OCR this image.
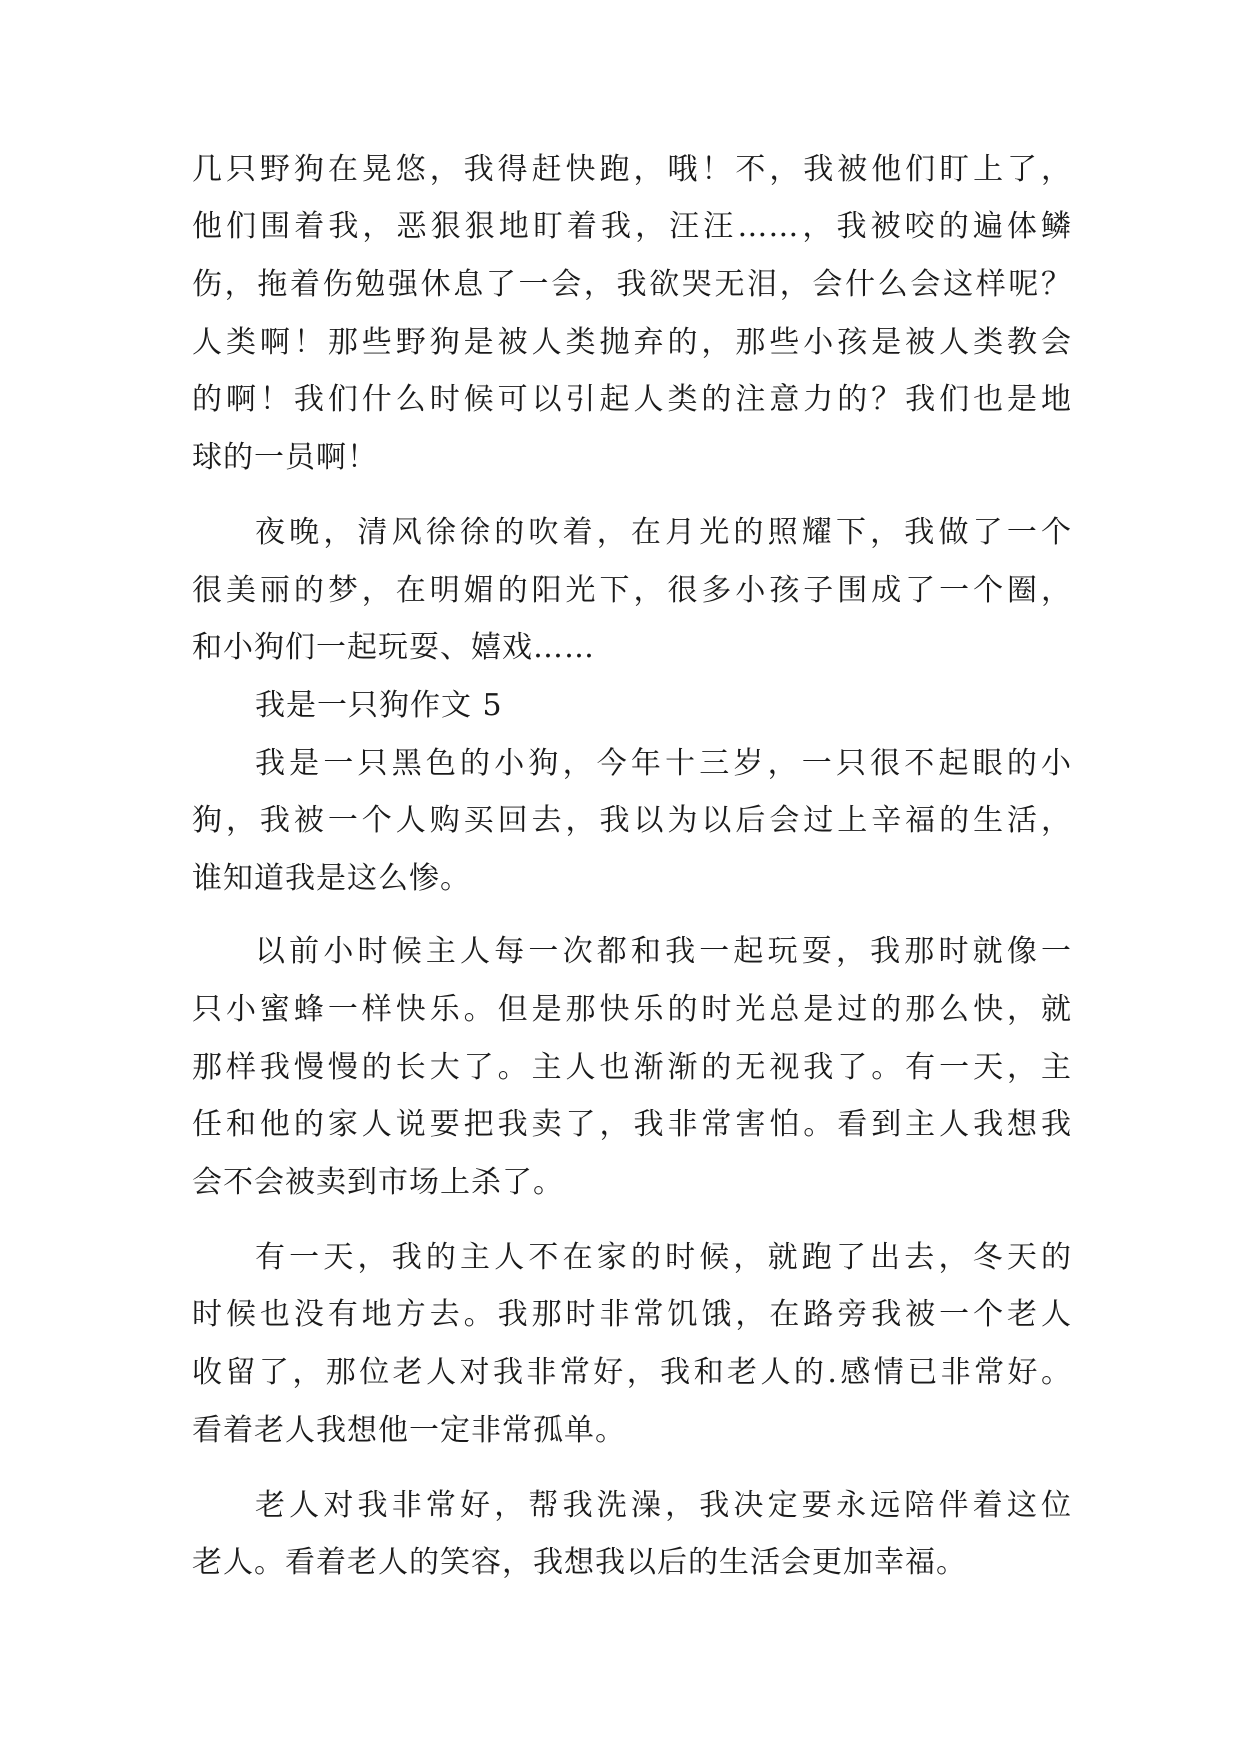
几只野狗在晃悠，我得赶快跑，哦！不，我被他们盯上了，
他们围着我，恶狠狠地盯着我，汪汪……，我被咬的遍体鳞
伤，拖着伤勉强休息了一会，我欲哭无泪，会什么会这样呢？
人类啊！那些野狗是被人类抛弃的，那些小孩是被人类教会
的啊！我们什么时候可以引起人类的注意力的？我们也是地
球的一员啊！
夜晚，清风徐徐的吹着，在月光的照耀下，我做了一个
很美丽的梦，在明媚的阳光下，很多小孩子围成了一个圈，
和小狗们一起玩耍、嬉戏……
我是一只狗作文 5
我是一只黑色的小狗，今年十三岁，一只很不起眼的小
狗，我被一个人购买回去，我以为以后会过上辛福的生活，
谁知道我是这么惨。
以前小时候主人每一次都和我一起玩耍，我那时就像一
只小蜜蜂一样快乐。但是那快乐的时光总是过的那么快，就
那样我慢慢的长大了。主人也渐渐的无视我了。有一天，主
任和他的家人说要把我卖了，我非常害怕。看到主人我想我
会不会被卖到市场上杀了。
有一天，我的主人不在家的时候，就跑了出去，冬天的
时候也没有地方去。我那时非常饥饿，在路旁我被一个老人
收留了，那位老人对我非常好，我和老人的.感情已非常好。
看着老人我想他一定非常孤单。
老人对我非常好，帮我洗澡，我决定要永远陪伴着这位
老人。看着老人的笑容，我想我以后的生活会更加幸福。
